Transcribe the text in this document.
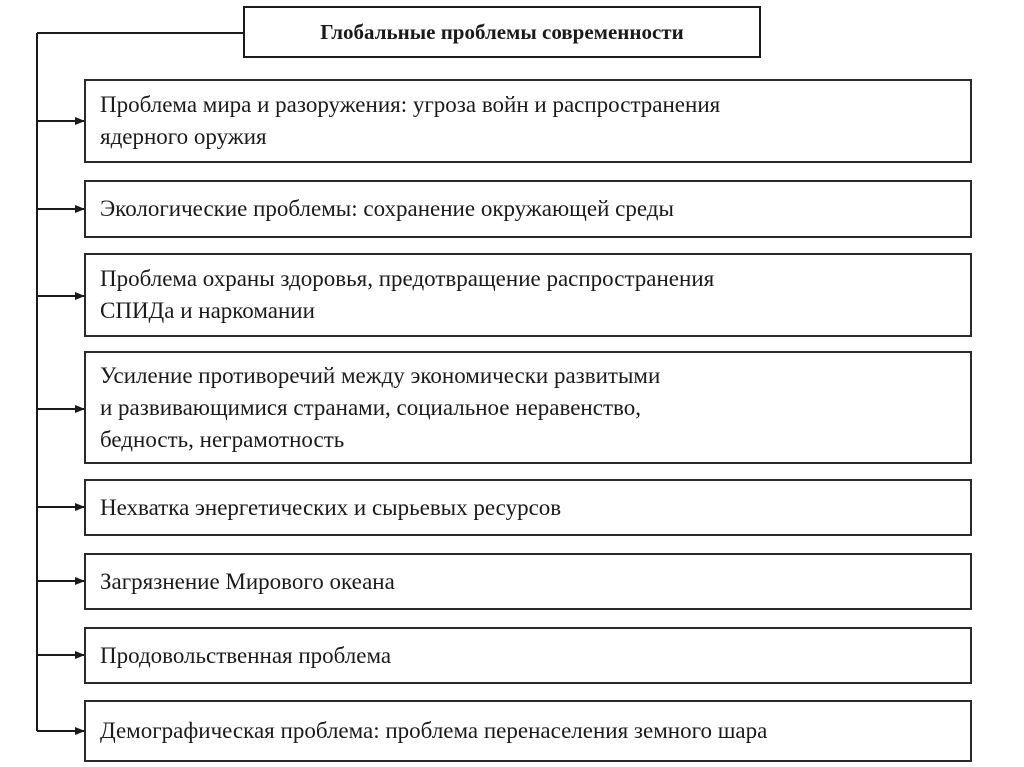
Глобальные проблемы современности
Проблема мира и разоружения: угроза войн и распространения
ядерного оружия
Экологические проблемы: сохранение окружающей среды
Проблема охраны здоровья, предотвращение распространения
СПИДа и наркомании
Усиление противоречий между экономически развитыми
и развивающимися странами, социальное неравенство,
бедность, неграмотность
Нехватка энергетических и сырьевых ресурсов
Загрязнение Мирового океана
Продовольственная проблема
Демографическая проблема: проблема перенаселения земного шара
